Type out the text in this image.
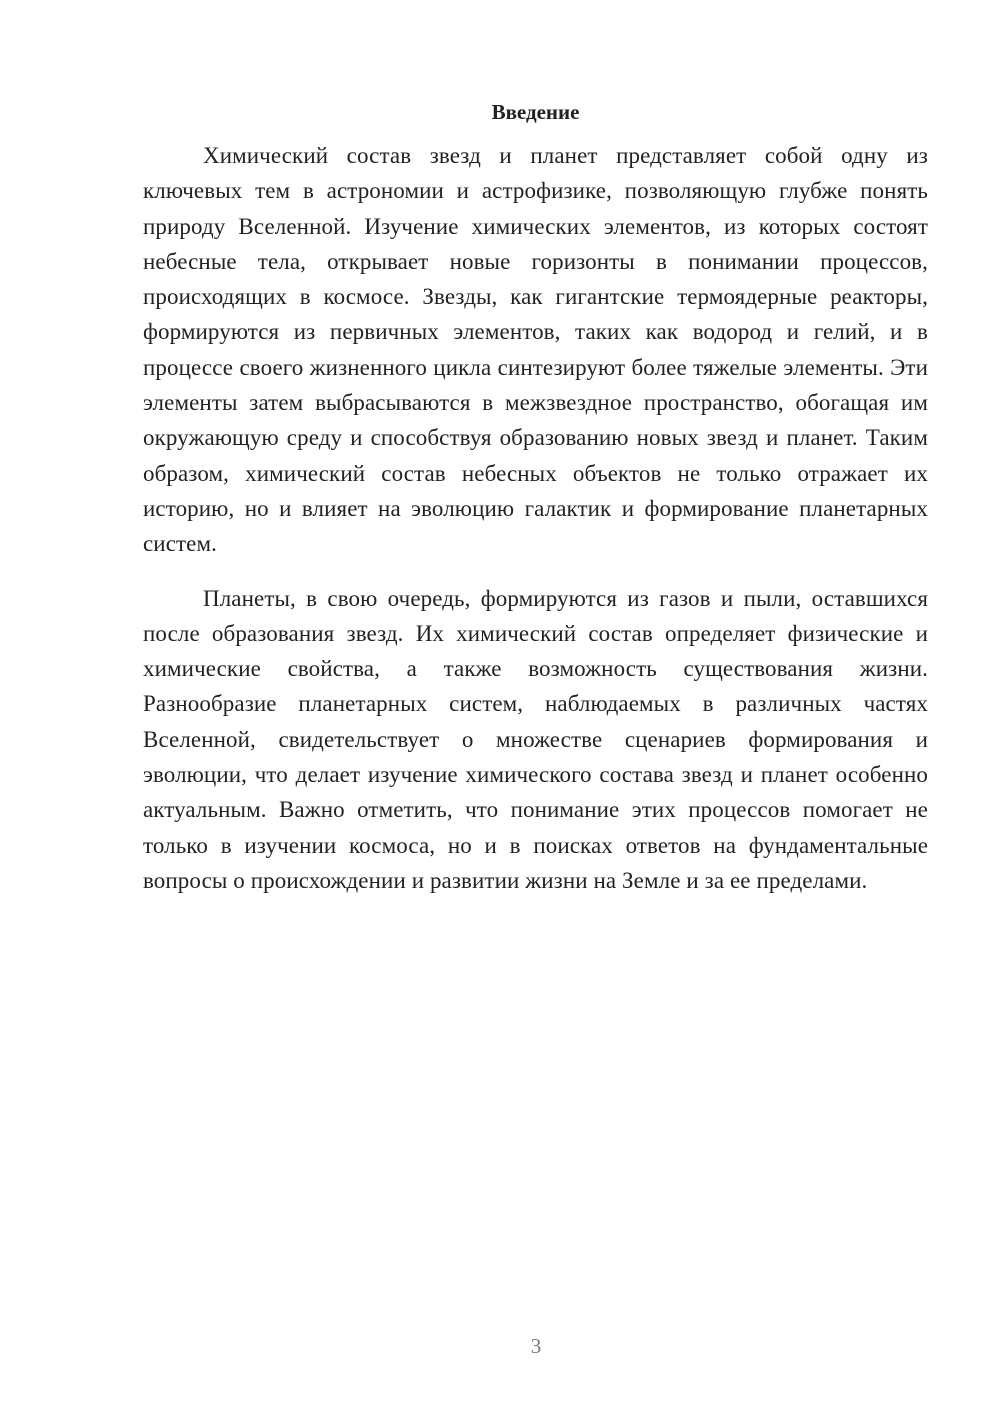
Введение

Химический состав звезд и планет представляет собой одну из ключевых тем в астрономии и астрофизике, позволяющую глубже понять природу Вселенной. Изучение химических элементов, из которых состоят небесные тела, открывает новые горизонты в понимании процессов, происходящих в космосе. Звезды, как гигантские термоядерные реакторы, формируются из первичных элементов, таких как водород и гелий, и в процессе своего жизненного цикла синтезируют более тяжелые элементы. Эти элементы затем выбрасываются в межзвездное пространство, обогащая им окружающую среду и способствуя образованию новых звезд и планет. Таким образом, химический состав небесных объектов не только отражает их историю, но и влияет на эволюцию галактик и формирование планетарных систем.

Планеты, в свою очередь, формируются из газов и пыли, оставшихся после образования звезд. Их химический состав определяет физические и химические свойства, а также возможность существования жизни. Разнообразие планетарных систем, наблюдаемых в различных частях Вселенной, свидетельствует о множестве сценариев формирования и эволюции, что делает изучение химического состава звезд и планет особенно актуальным. Важно отметить, что понимание этих процессов помогает не только в изучении космоса, но и в поисках ответов на фундаментальные вопросы о происхождении и развитии жизни на Земле и за ее пределами.

3
